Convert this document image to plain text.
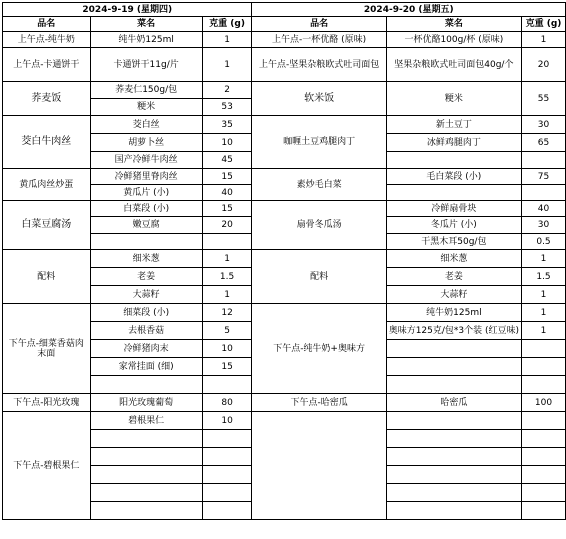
2024-9-19 (星期四)			2024-9-20 (星期五)		
品名	菜名	克重 (g)	品名	菜名	克重 (g)
上午点-纯牛奶	纯牛奶125ml	1	上午点-一杯优酪 (原味)	一杯优酪100g/杯 (原味)	1
上午点-卡通饼干	卡通饼干11g/片	1	上午点-坚果杂粮欧式吐司面包	坚果杂粮欧式吐司面包40g/个	20
荞麦饭	荞麦仁150g/包	2	软米饭	粳米	55
	粳米	53			
茭白牛肉丝	茭白丝	35	咖喱土豆鸡腿肉丁	新土豆丁	30
	胡萝卜丝	10		冰鲜鸡腿肉丁	65
	国产冷鲜牛肉丝	45			
黄瓜肉丝炒蛋	冷鲜猪里脊肉丝	15	素炒毛白菜	毛白菜段 (小)	75
	黄瓜片 (小)	40			
白菜豆腐汤	白菜段 (小)	15	扇骨冬瓜汤	冷鲜扇骨块	40
	嫩豆腐	20		冬瓜片 (小)	30
				干黑木耳50g/包	0.5
配料	细米葱	1	配料	细米葱	1
	老姜	1.5		老姜	1.5
	大蒜籽	1		大蒜籽	1
下午点-细菜香菇肉末面	细菜段 (小)	12	下午点-纯牛奶+奥味方	纯牛奶125ml	1
	去根香菇	5		奥味方125克/包*3个装 (红豆味)	1
	冷鲜猪肉末	10			
	家常挂面 (细)	15			

下午点-阳光玫瑰	阳光玫瑰葡萄	80	下午点-哈密瓜	哈密瓜	100
下午点-碧根果仁	碧根果仁	10			
